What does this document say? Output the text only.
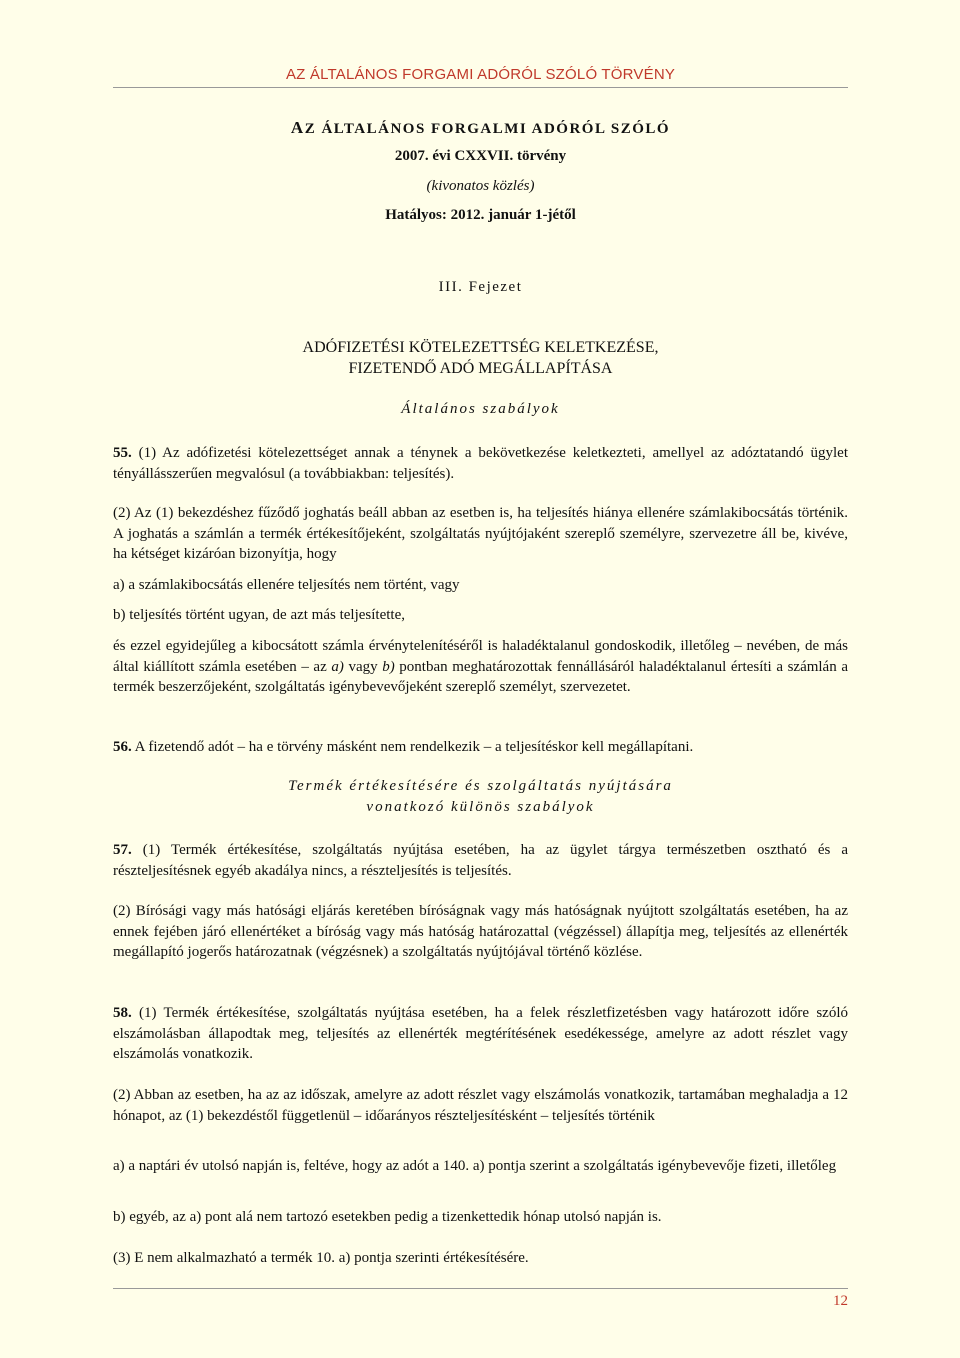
AZ ÁLTALÁNOS FORGAMI ADÓRÓL SZÓLÓ TÖRVÉNY
AZ ÁLTALÁNOS FORGALMI ADÓRÓL SZÓLÓ
2007. évi CXXVII. törvény
(kivonatos közlés)
Hatályos: 2012. január 1-jétől
III. Fejezet
ADÓFIZETÉSI KÖTELEZETTSÉG KELETKEZÉSE,
FIZETENDŐ ADÓ MEGÁLLAPÍTÁSA
Általános szabályok

55. (1) Az adófizetési kötelezettséget annak a ténynek a bekövetkezése keletkezteti, amellyel az adóztatandó ügylet tényállásszerűen megvalósul (a továbbiakban: teljesítés).

(2) Az (1) bekezdéshez fűződő joghatás beáll abban az esetben is, ha teljesítés hiánya ellenére számlakibocsátás történik. A joghatás a számlán a termék értékesítőjeként, szolgáltatás nyújtójaként szereplő személyre, szervezetre áll be, kivéve, ha kétséget kizáróan bizonyítja, hogy

a) a számlakibocsátás ellenére teljesítés nem történt, vagy

b) teljesítés történt ugyan, de azt más teljesítette,

és ezzel egyidejűleg a kibocsátott számla érvénytelenítéséről is haladéktalanul gondoskodik, illetőleg – nevében, de más által kiállított számla esetében – az a) vagy b) pontban meghatározottak fennállásáról haladéktalanul értesíti a számlán a termék beszerzőjeként, szolgáltatás igénybevevőjeként szereplő személyt, szervezetet.

56. A fizetendő adót – ha e törvény másként nem rendelkezik – a teljesítéskor kell megállapítani.

Termék értékesítésére és szolgáltatás nyújtására
vonatkozó különös szabályok

57. (1) Termék értékesítése, szolgáltatás nyújtása esetében, ha az ügylet tárgya természetben osztható és a részteljesítésnek egyéb akadálya nincs, a részteljesítés is teljesítés.

(2) Bírósági vagy más hatósági eljárás keretében bíróságnak vagy más hatóságnak nyújtott szolgáltatás esetében, ha az ennek fejében járó ellenértéket a bíróság vagy más hatóság határozattal (végzéssel) állapítja meg, teljesítés az ellenérték megállapító jogerős határozatnak (végzésnek) a szolgáltatás nyújtójával történő közlése.

58. (1) Termék értékesítése, szolgáltatás nyújtása esetében, ha a felek részletfizetésben vagy határozott időre szóló elszámolásban állapodtak meg, teljesítés az ellenérték megtérítésének esedékessége, amelyre az adott részlet vagy elszámolás vonatkozik.

(2) Abban az esetben, ha az az időszak, amelyre az adott részlet vagy elszámolás vonatkozik, tartamában meghaladja a 12 hónapot, az (1) bekezdéstől függetlenül – időarányos részteljesítésként – teljesítés történik

a) a naptári év utolsó napján is, feltéve, hogy az adót a 140. a) pontja szerint a szolgáltatás igénybevevője fizeti, illetőleg

b) egyéb, az a) pont alá nem tartozó esetekben pedig a tizenkettedik hónap utolsó napján is.

(3) E nem alkalmazható a termék 10. a) pontja szerinti értékesítésére.

12
